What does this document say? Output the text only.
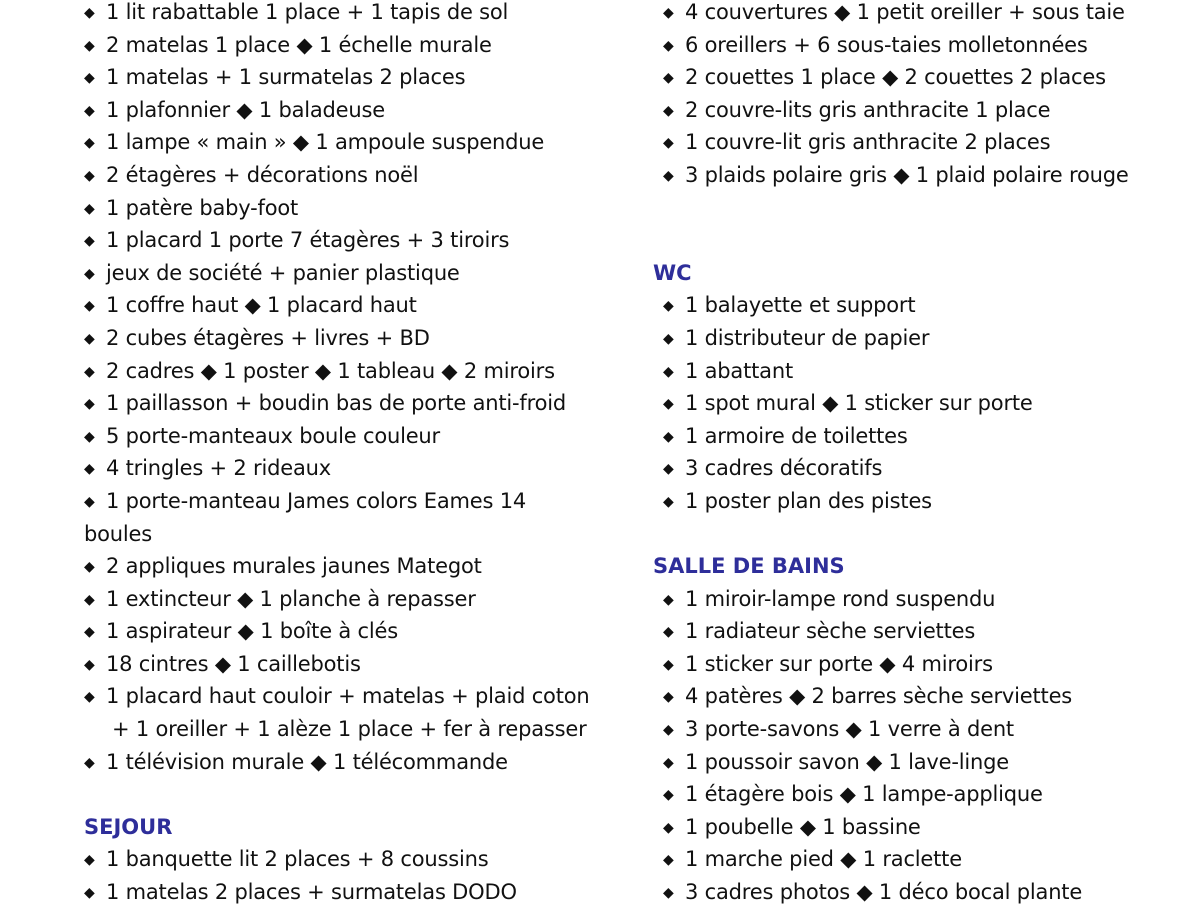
◆ 1 lit rabattable 1 place + 1 tapis de sol
◆ 2 matelas 1 place ◆ 1 échelle murale
◆ 1 matelas + 1 surmatelas 2 places
◆ 1 plafonnier ◆ 1 baladeuse
◆ 1 lampe « main » ◆ 1 ampoule suspendue
◆ 2 étagères + décorations noël
◆ 1 patère baby-foot
◆ 1 placard 1 porte 7 étagères + 3 tiroirs
◆ jeux de société + panier plastique
◆ 1 coffre haut ◆ 1 placard haut
◆ 2 cubes étagères + livres + BD
◆ 2 cadres ◆ 1 poster ◆ 1 tableau ◆ 2 miroirs
◆ 1 paillasson + boudin bas de porte anti-froid
◆ 5 porte-manteaux boule couleur
◆ 4 tringles + 2 rideaux
◆ 1 porte-manteau James colors Eames 14
boules
◆ 2 appliques murales jaunes Mategot
◆ 1 extincteur ◆ 1 planche à repasser
◆ 1 aspirateur ◆ 1 boîte à clés
◆ 18 cintres ◆ 1 caillebotis
◆ 1 placard haut couloir + matelas + plaid coton
+ 1 oreiller + 1 alèze 1 place + fer à repasser
◆ 1 télévision murale ◆ 1 télécommande
SEJOUR
◆ 1 banquette lit 2 places + 8 coussins
◆ 1 matelas 2 places + surmatelas DODO
◆ 4 couvertures ◆ 1 petit oreiller + sous taie
◆ 6 oreillers + 6 sous-taies molletonnées
◆ 2 couettes 1 place ◆ 2 couettes 2 places
◆ 2 couvre-lits gris anthracite 1 place
◆ 1 couvre-lit gris anthracite 2 places
◆ 3 plaids polaire gris ◆ 1 plaid polaire rouge
WC
◆ 1 balayette et support
◆ 1 distributeur de papier
◆ 1 abattant
◆ 1 spot mural ◆ 1 sticker sur porte
◆ 1 armoire de toilettes
◆ 3 cadres décoratifs
◆ 1 poster plan des pistes
SALLE DE BAINS
◆ 1 miroir-lampe rond suspendu
◆ 1 radiateur sèche serviettes
◆ 1 sticker sur porte ◆ 4 miroirs
◆ 4 patères ◆ 2 barres sèche serviettes
◆ 3 porte-savons ◆ 1 verre à dent
◆ 1 poussoir savon ◆ 1 lave-linge
◆ 1 étagère bois ◆ 1 lampe-applique
◆ 1 poubelle ◆ 1 bassine
◆ 1 marche pied ◆ 1 raclette
◆ 3 cadres photos ◆ 1 déco bocal plante
